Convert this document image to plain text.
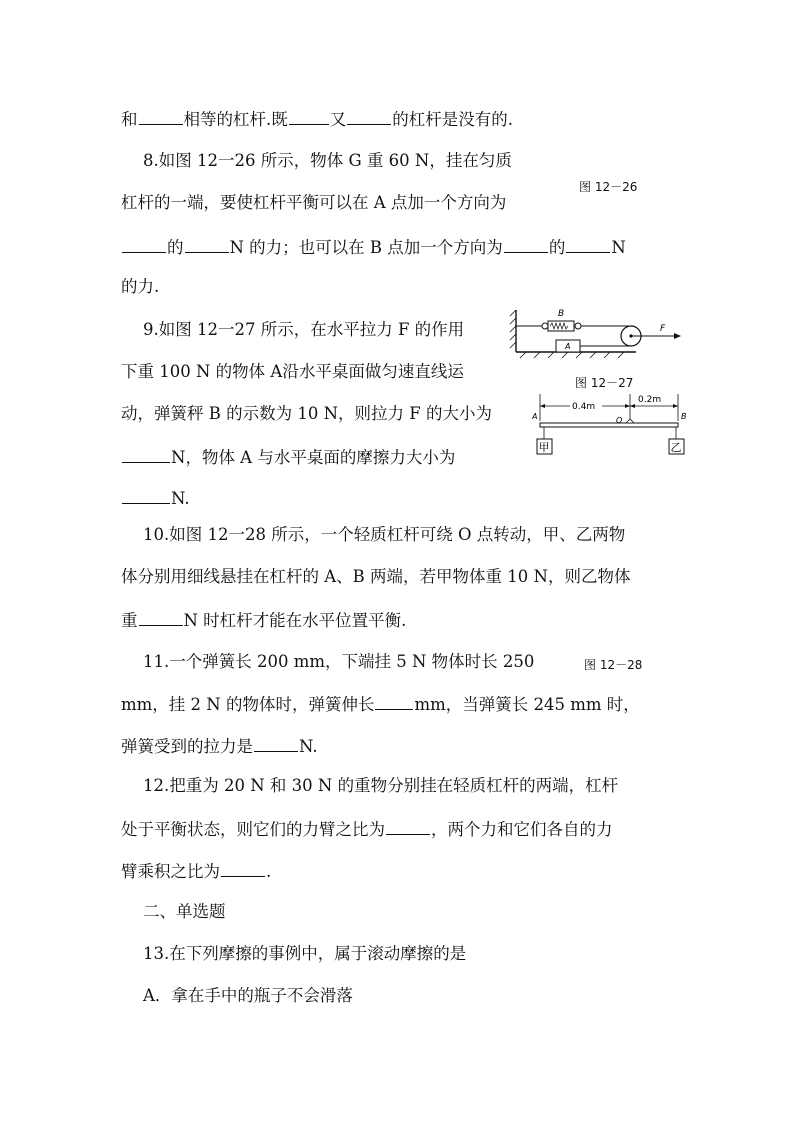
和	相等的杠杆.既	又	的杠杆是没有的.
8.如图 12一26 所示，物体 G 重 60 N，挂在匀质
图 12－26
杠杆的一端，要使杠杆平衡可以在 A 点加一个方向为
的	N 的力；也可以在 B 点加一个方向为	的	N
的力.
9.如图 12一27 所示，在水平拉力 F 的作用
下重 100 N 的物体 A沿水平桌面做匀速直线运
动，弹簧秤 B 的示数为 10 N，则拉力 F 的大小为
N，物体 A 与水平桌面的摩擦力大小为
N.
B
F
A
图 12－27
0.4m
0.2m
A	B
O
甲	乙
10.如图 12一28 所示，一个轻质杠杆可绕 O 点转动，甲、乙两物
体分别用细线悬挂在杠杆的 A、B 两端，若甲物体重 10 N，则乙物体
重	N 时杠杆才能在水平位置平衡.
11.一个弹簧长 200 mm，下端挂 5 N 物体时长 250	图 12－28
mm，挂 2 N 的物体时，弹簧伸长 mm，当弹簧长 245 mm 时，
弹簧受到的拉力是	N.
12.把重为 20 N 和 30 N 的重物分别挂在轻质杠杆的两端，杠杆
处于平衡状态，则它们的力臂之比为	，两个力和它们各自的力
臂乘积之比为	.
二、单选题
13.在下列摩擦的事例中，属于滚动摩擦的是
A．拿在手中的瓶子不会滑落
